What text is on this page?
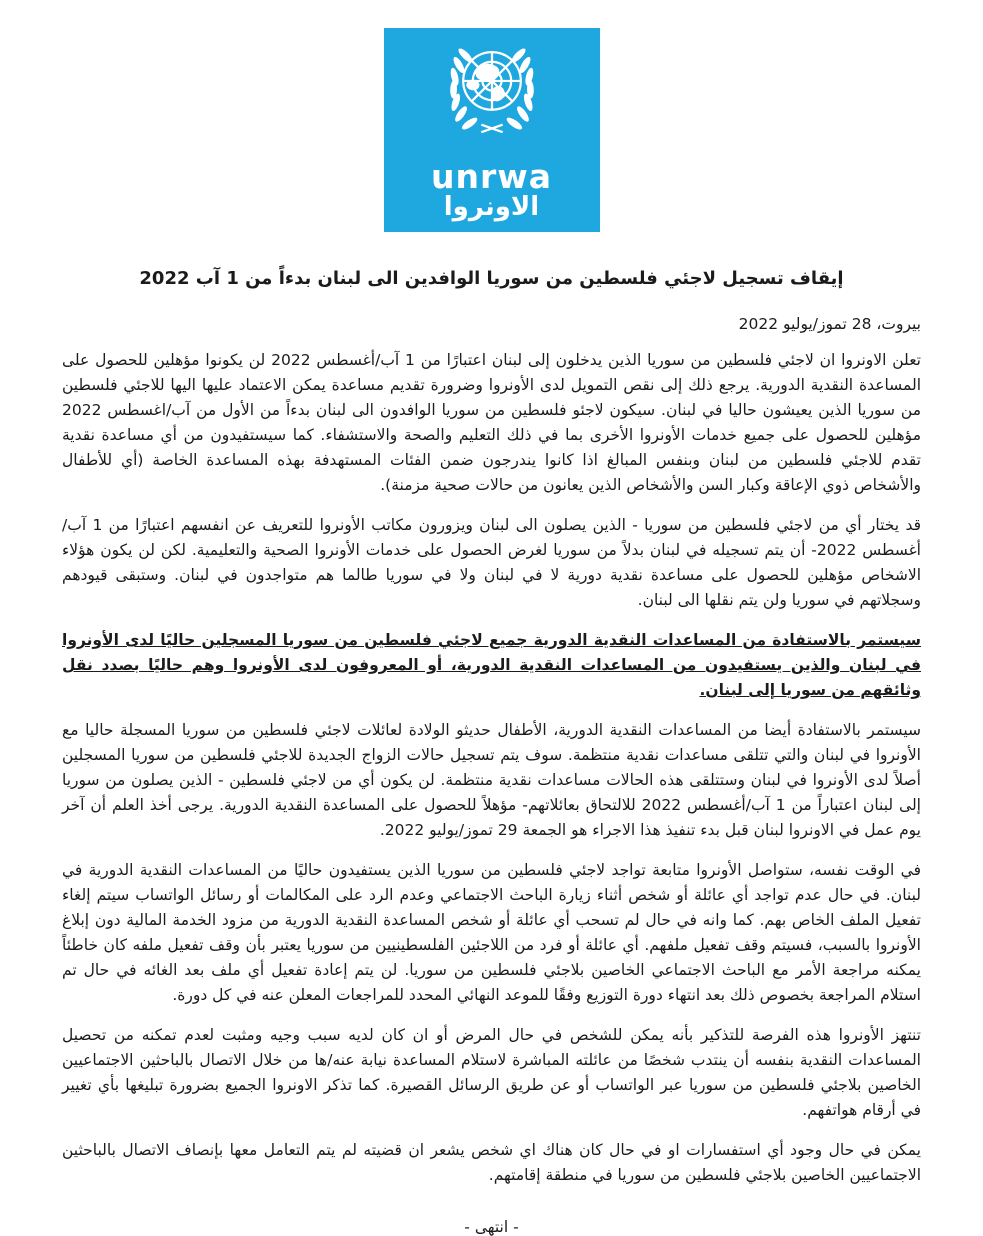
unrwa
الاونروا
إيقاف تسجيل لاجئي فلسطين من سوريا الوافدين الى لبنان بدءاً من 1 آب 2022
بيروت، 28 تموز/يوليو 2022

تعلن الاونروا ان لاجئي فلسطين من سوريا الذين يدخلون إلى لبنان اعتبارًا من 1 آب/أغسطس 2022 لن يكونوا مؤهلين للحصول على المساعدة النقدية الدورية. يرجع ذلك إلى نقص التمويل لدى الأونروا وضرورة تقديم مساعدة يمكن الاعتماد عليها اليها للاجئي فلسطين من سوريا الذين يعيشون حاليا في لبنان. سيكون لاجئو فلسطين من سوريا الوافدون الى لبنان بدءاً من الأول من آب/اغسطس 2022 مؤهلين للحصول على جميع خدمات الأونروا الأخرى بما في ذلك التعليم والصحة والاستشفاء. كما سيستفيدون من أي مساعدة نقدية تقدم للاجئي فلسطين من لبنان وبنفس المبالغ اذا كانوا يندرجون ضمن الفئات المستهدفة بهذه المساعدة الخاصة (أي للأطفال والأشخاص ذوي الإعاقة وكبار السن والأشخاص الذين يعانون من حالات صحية مزمنة).

قد يختار أي من لاجئي فلسطين من سوريا - الذين يصلون الى لبنان ويزورون مكاتب الأونروا للتعريف عن انفسهم اعتبارًا من 1 آب/أغسطس 2022- أن يتم تسجيله في لبنان بدلاً من سوريا لغرض الحصول على خدمات الأونروا الصحية والتعليمية. لكن لن يكون هؤلاء الاشخاص مؤهلين للحصول على مساعدة نقدية دورية لا في لبنان ولا في سوريا طالما هم متواجدون في لبنان. وستبقى قيودهم وسجلاتهم في سوريا ولن يتم نقلها الى لبنان.

سيستمر بالاستفادة من المساعدات النقدية الدورية جميع لاجئي فلسطين من سوريا المسجلين حاليًا لدى الأونروا في لبنان والذين يستفيدون من المساعدات النقدية الدورية، أو المعروفون لدى الأونروا وهم حاليًا بصدد نقل وثائقهم من سوريا إلى لبنان.

سيستمر بالاستفادة أيضا من المساعدات النقدية الدورية، الأطفال حديثو الولادة لعائلات لاجئي فلسطين من سوريا المسجلة حاليا مع الأونروا في لبنان والتي تتلقى مساعدات نقدية منتظمة. سوف يتم تسجيل حالات الزواج الجديدة للاجئي فلسطين من سوريا المسجلين أصلاً لدى الأونروا في لبنان وستتلقى هذه الحالات مساعدات نقدية منتظمة. لن يكون أي من لاجئي فلسطين - الذين يصلون من سوريا إلى لبنان اعتباراً من 1 آب/أغسطس 2022 للالتحاق بعائلاتهم- مؤهلاً للحصول على المساعدة النقدية الدورية. يرجى أخذ العلم أن آخر يوم عمل في الاونروا لبنان قبل بدء تنفيذ هذا الاجراء هو الجمعة 29 تموز/يوليو 2022.

في الوقت نفسه، ستواصل الأونروا متابعة تواجد لاجئي فلسطين من سوريا الذين يستفيدون حاليًا من المساعدات النقدية الدورية في لبنان. في حال عدم تواجد أي عائلة أو شخص أثناء زيارة الباحث الاجتماعي وعدم الرد على المكالمات أو رسائل الواتساب سيتم إلغاء تفعيل الملف الخاص بهم. كما وانه في حال لم تسحب أي عائلة أو شخص المساعدة النقدية الدورية من مزود الخدمة المالية دون إبلاغ الأونروا بالسبب، فسيتم وقف تفعيل ملفهم. أي عائلة أو فرد من اللاجئين الفلسطينيين من سوريا يعتبر بأن وقف تفعيل ملفه كان خاطئاً يمكنه مراجعة الأمر مع الباحث الاجتماعي الخاصين بلاجئي فلسطين من سوريا. لن يتم إعادة تفعيل أي ملف بعد الغائه في حال تم استلام المراجعة بخصوص ذلك بعد انتهاء دورة التوزيع وفقًا للموعد النهائي المحدد للمراجعات المعلن عنه في كل دورة.

تنتهز الأونروا هذه الفرصة للتذكير بأنه يمكن للشخص في حال المرض أو ان كان لديه سبب وجيه ومثبت لعدم تمكنه من تحصيل المساعدات النقدية بنفسه أن ينتدب شخصًا من عائلته المباشرة لاستلام المساعدة نيابة عنه/ها من خلال الاتصال بالباحثين الاجتماعيين الخاصين بلاجئي فلسطين من سوريا عبر الواتساب أو عن طريق الرسائل القصيرة. كما تذكر الاونروا الجميع بضرورة تبليغها بأي تغيير في أرقام هواتفهم.

يمكن في حال وجود أي استفسارات او في حال كان هناك اي شخص يشعر ان قضيته لم يتم التعامل معها بإنصاف الاتصال بالباحثين الاجتماعيين الخاصين بلاجئي فلسطين من سوريا في منطقة إقامتهم.

- انتهى -
